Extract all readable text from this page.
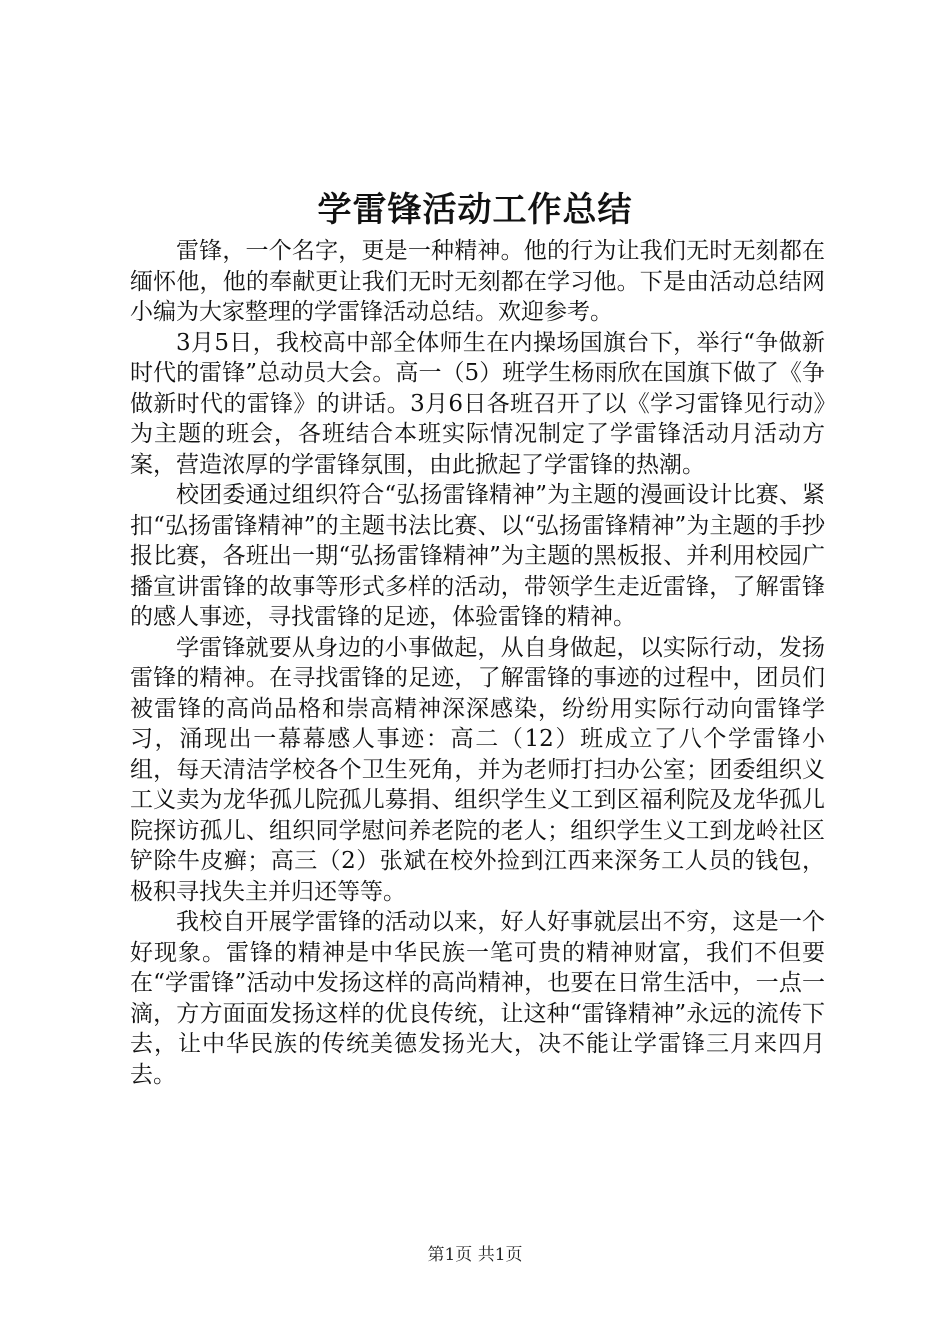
学雷锋活动工作总结

雷锋，一个名字，更是一种精神。他的行为让我们无时无刻都在缅怀他，他的奉献更让我们无时无刻都在学习他。下是由活动总结网小编为大家整理的学雷锋活动总结。欢迎参考。

3月5日，我校高中部全体师生在内操场国旗台下，举行“争做新时代的雷锋”总动员大会。高一（5）班学生杨雨欣在国旗下做了《争做新时代的雷锋》的讲话。3月6日各班召开了以《学习雷锋见行动》为主题的班会，各班结合本班实际情况制定了学雷锋活动月活动方案，营造浓厚的学雷锋氛围，由此掀起了学雷锋的热潮。

校团委通过组织符合“弘扬雷锋精神”为主题的漫画设计比赛、紧扣“弘扬雷锋精神”的主题书法比赛、以“弘扬雷锋精神”为主题的手抄报比赛，各班出一期“弘扬雷锋精神”为主题的黑板报、并利用校园广播宣讲雷锋的故事等形式多样的活动，带领学生走近雷锋，了解雷锋的感人事迹，寻找雷锋的足迹，体验雷锋的精神。

学雷锋就要从身边的小事做起，从自身做起，以实际行动，发扬雷锋的精神。在寻找雷锋的足迹，了解雷锋的事迹的过程中，团员们被雷锋的高尚品格和崇高精神深深感染，纷纷用实际行动向雷锋学习，涌现出一幕幕感人事迹：高二（12）班成立了八个学雷锋小组，每天清洁学校各个卫生死角，并为老师打扫办公室；团委组织义工义卖为龙华孤儿院孤儿募捐、组织学生义工到区福利院及龙华孤儿院探访孤儿、组织同学慰问养老院的老人；组织学生义工到龙岭社区铲除牛皮癣；高三（2）张斌在校外捡到江西来深务工人员的钱包，极积寻找失主并归还等等。

我校自开展学雷锋的活动以来，好人好事就层出不穷，这是一个好现象。雷锋的精神是中华民族一笔可贵的精神财富，我们不但要在“学雷锋”活动中发扬这样的高尚精神，也要在日常生活中，一点一滴，方方面面发扬这样的优良传统，让这种“雷锋精神”永远的流传下去，让中华民族的传统美德发扬光大，决不能让学雷锋三月来四月去。

第1页 共1页
